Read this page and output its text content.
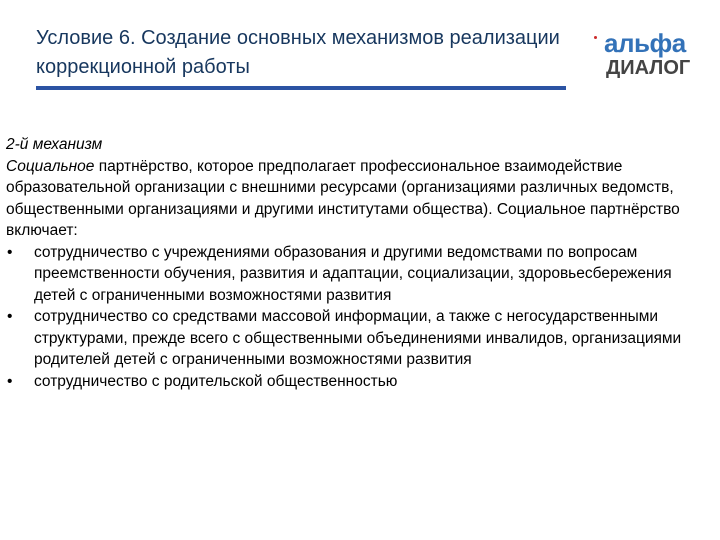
Условие 6. Создание основных механизмов реализации
коррекционной работы
альфа
ДИАЛОГ
2-й механизм
Социальное партнёрство, которое предполагает профессиональное взаимодействие образовательной организации с внешними ресурсами (организациями различных ведомств, общественными организациями и другими институтами общества). Социальное партнёрство включает:
• сотрудничество с учреждениями образования и другими ведомствами по вопросам преемственности обучения, развития и адаптации, социализации, здоровьесбережения детей с ограниченными возможностями развития
• сотрудничество со средствами массовой информации, а также с негосударственными структурами, прежде всего с общественными объединениями инвалидов, организациями родителей детей с ограниченными возможностями развития
• сотрудничество с родительской общественностью
